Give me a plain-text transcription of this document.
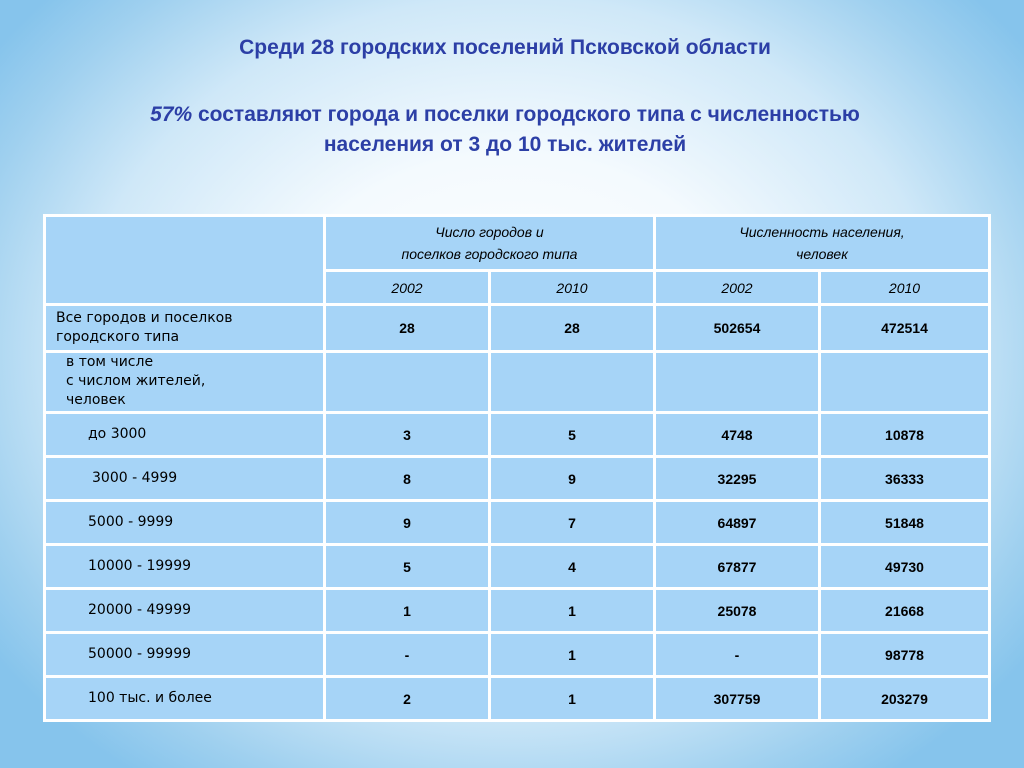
Среди 28 городских поселений Псковской области
57% составляют города и поселки городского типа с численностью
населения от 3 до 10 тыс. жителей
	Число городов и
поселков городского типа		Численность населения,
человек	
	2002	2010	2002	2010
Все городов и поселков
городского типа	28	28	502654	472514
в том числе
с числом жителей,
человек				
до 3000	3	5	4748	10878
3000 - 4999	8	9	32295	36333
5000 - 9999	9	7	64897	51848
10000 - 19999	5	4	67877	49730
20000 - 49999	1	1	25078	21668
50000 - 99999	-	1	-	98778
100 тыс. и более	2	1	307759	203279
